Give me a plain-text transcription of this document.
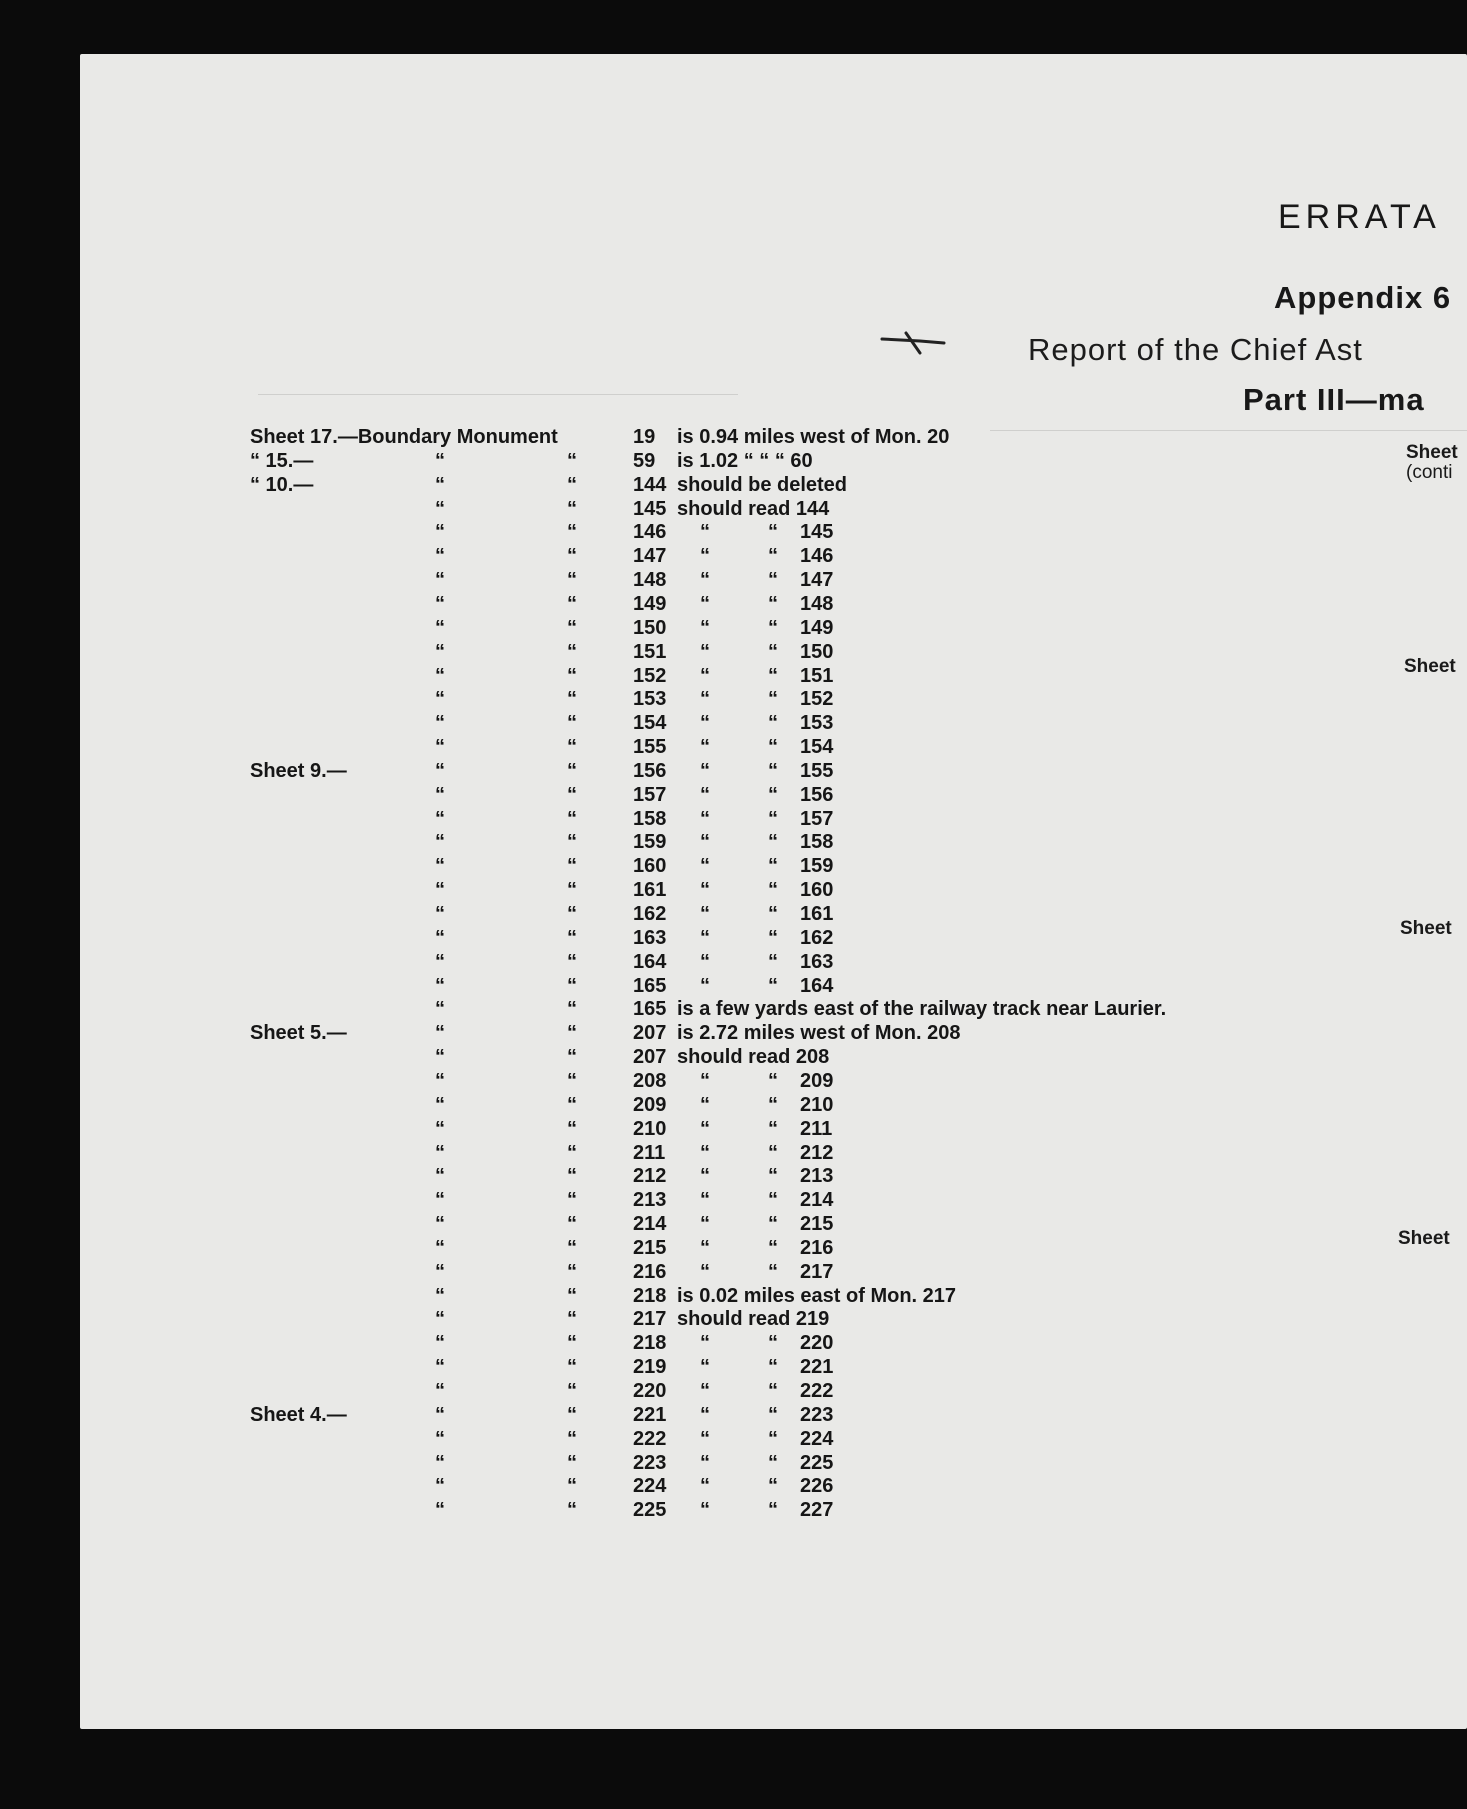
ERRATA
Appendix 6
Report of the Chief Ast
Part III—ma
Sheet 17.—Boundary Monument	19 is 0.94 miles west of Mon. 20
“ 15.—	“	“	59 is 1.02 “ “ “ 60
“ 10.—	“	“	144 should be deleted
“	“	145 should read 144
“	“	146 “	“ 145
“	“	147 “	“ 146
“	“	148 “	“ 147
“	“	149 “	“ 148
“	“	150 “	“ 149
“	“	151 “	“ 150
“	“	152 “	“ 151
“	“	153 “	“ 152
“	“	154 “	“ 153
“	“	155 “	“ 154
Sheet 9.—	“	“	156 “	“ 155
“	“	157 “	“ 156
“	“	158 “	“ 157
“	“	159 “	“ 158
“	“	160 “	“ 159
“	“	161 “	“ 160
“	“	162 “	“ 161
“	“	163 “	“ 162
“	“	164 “	“ 163
“	“	165 “	“ 164
“	“	165 is a few yards east of the railway track near Laurier.
Sheet 5.—	“	“	207 is 2.72 miles west of Mon. 208
“	“	207 should read 208
“	“	208 “	“ 209
“	“	209 “	“ 210
“	“	210 “	“ 211
“	“	211 “	“ 212
“	“	212 “	“ 213
“	“	213 “	“ 214
“	“	214 “	“ 215
“	“	215 “	“ 216
“	“	216 “	“ 217
“	“	218 is 0.02 miles east of Mon. 217
“	“	217 should read 219
“	“	218 “	“ 220
“	“	219 “	“ 221
“	“	220 “	“ 222
Sheet 4.—	“	“	221 “	“ 223
“	“	222 “	“ 224
“	“	223 “	“ 225
“	“	224 “	“ 226
“	“	225 “	“ 227
Sheet
(conti
Sheet
Sheet
Sheet
